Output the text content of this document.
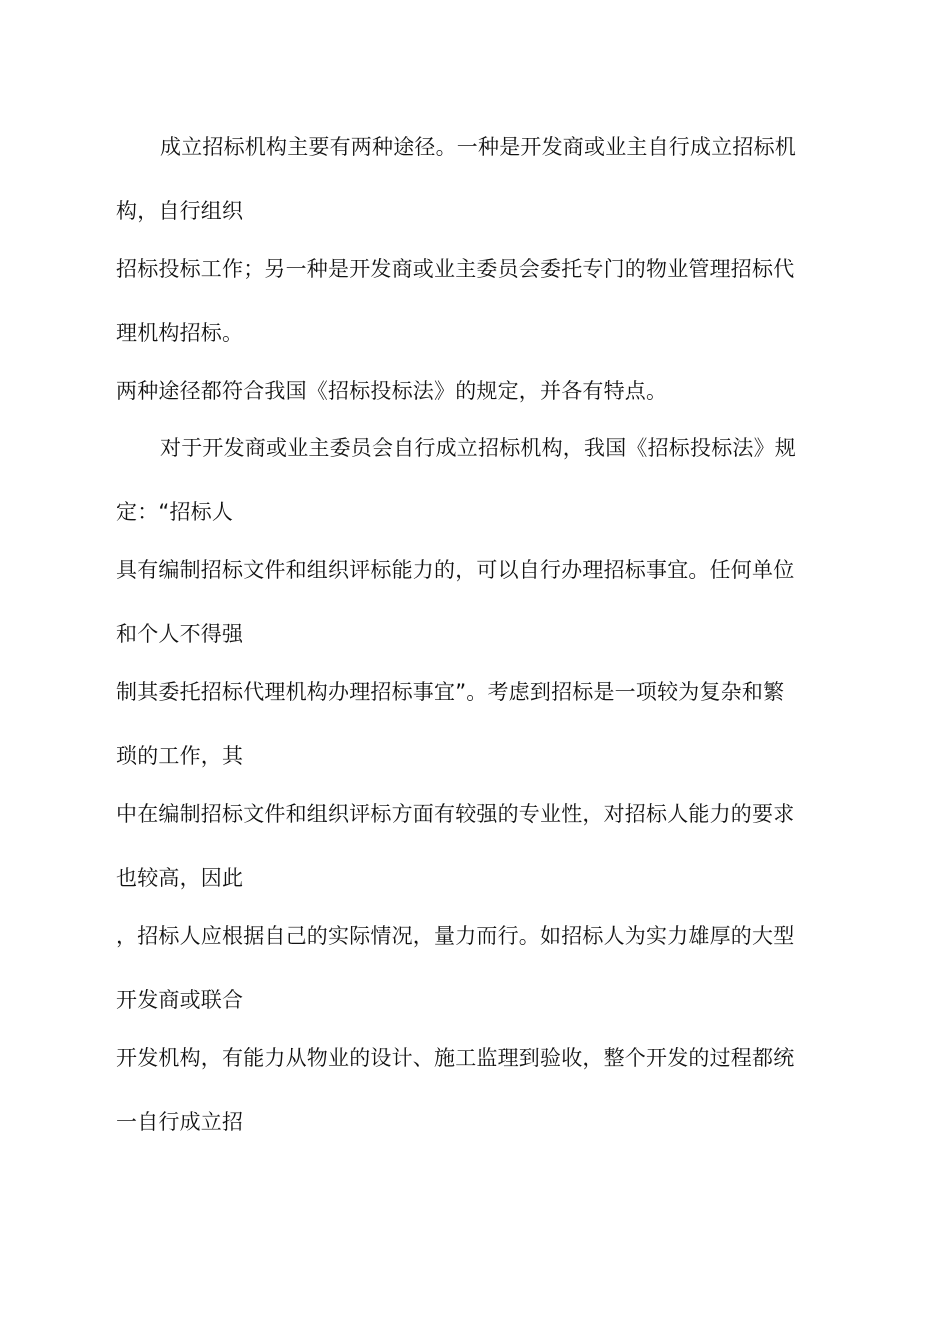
成立招标机构主要有两种途径。一种是开发商或业主自行成立招标机
构，自行组织
招标投标工作；另一种是开发商或业主委员会委托专门的物业管理招标代
理机构招标。
两种途径都符合我国《招标投标法》的规定，并各有特点。
对于开发商或业主委员会自行成立招标机构，我国《招标投标法》规
定：“招标人
具有编制招标文件和组织评标能力的，可以自行办理招标事宜。任何单位
和个人不得强
制其委托招标代理机构办理招标事宜”。考虑到招标是一项较为复杂和繁
琐的工作，其
中在编制招标文件和组织评标方面有较强的专业性，对招标人能力的要求
也较高，因此
，招标人应根据自己的实际情况，量力而行。如招标人为实力雄厚的大型
开发商或联合
开发机构，有能力从物业的设计、施工监理到验收，整个开发的过程都统
一自行成立招
